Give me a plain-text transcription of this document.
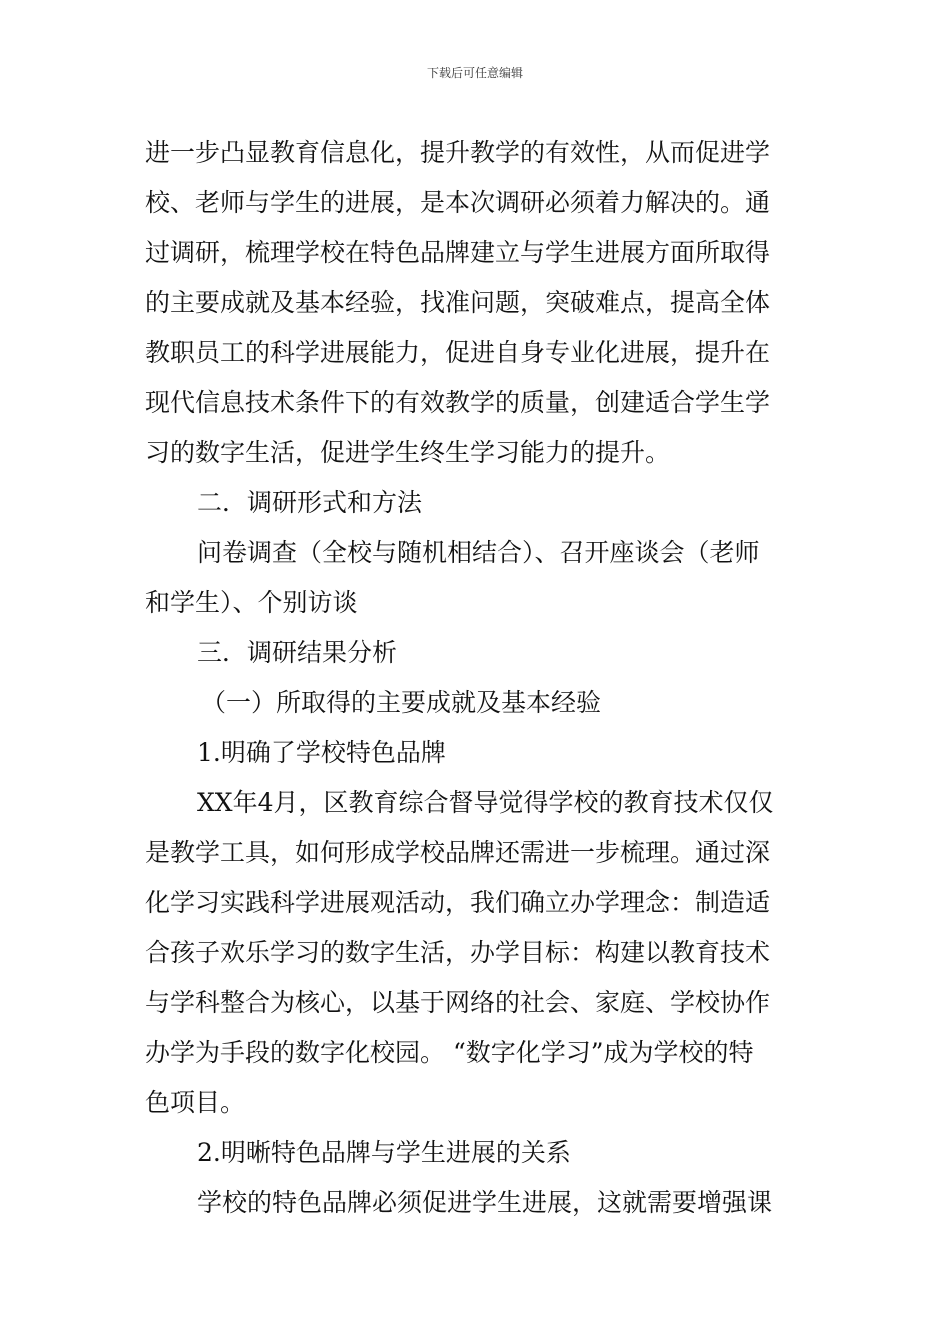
下载后可任意编辑
进一步凸显教育信息化，提升教学的有效性，从而促进学
校、老师与学生的进展，是本次调研必须着力解决的。通
过调研，梳理学校在特色品牌建立与学生进展方面所取得
的主要成就及基本经验，找准问题，突破难点，提高全体
教职员工的科学进展能力，促进自身专业化进展，提升在
现代信息技术条件下的有效教学的质量，创建适合学生学
习的数字生活，促进学生终生学习能力的提升。
二．调研形式和方法
问卷调查（全校与随机相结合）、召开座谈会（老师
和学生）、个别访谈
三．调研结果分析
（一）所取得的主要成就及基本经验
1.明确了学校特色品牌
XX年4月，区教育综合督导觉得学校的教育技术仅仅
是教学工具，如何形成学校品牌还需进一步梳理。通过深
化学习实践科学进展观活动，我们确立办学理念：制造适
合孩子欢乐学习的数字生活，办学目标：构建以教育技术
与学科整合为核心，以基于网络的社会、家庭、学校协作
办学为手段的数字化校园。 “数字化学习”成为学校的特
色项目。
2.明晰特色品牌与学生进展的关系
学校的特色品牌必须促进学生进展，这就需要增强课
